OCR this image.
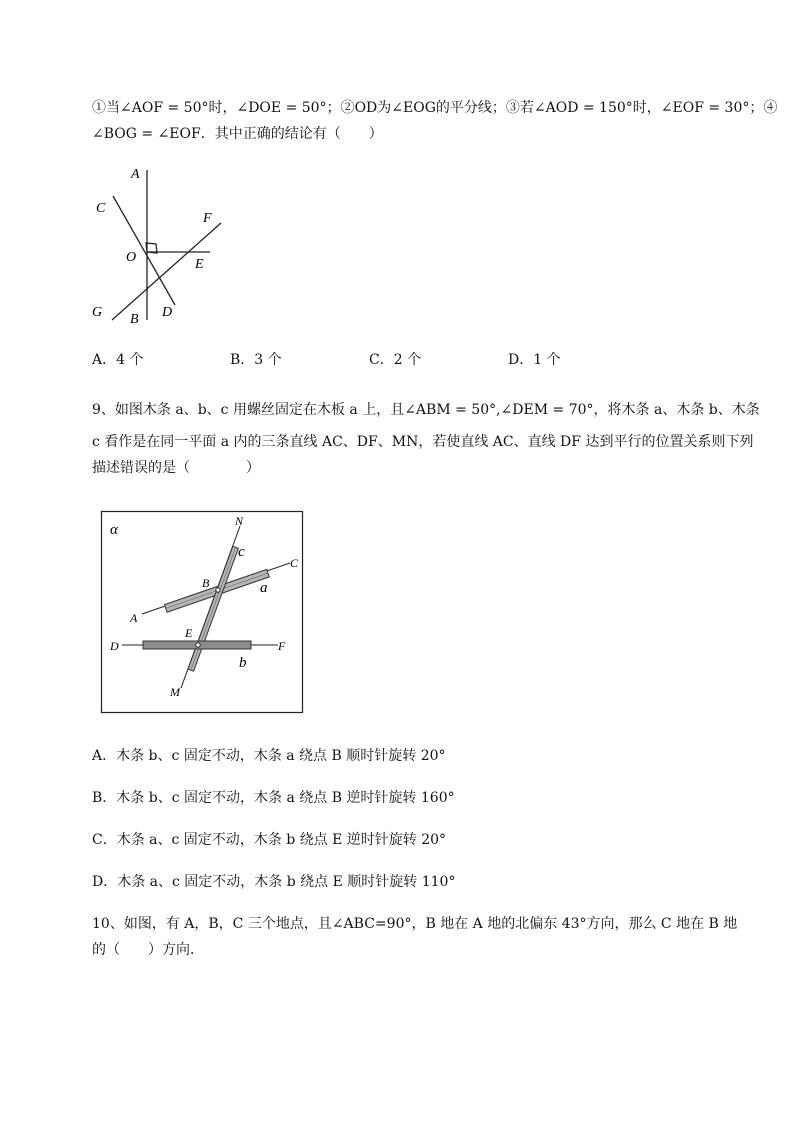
①当∠AOF = 50°时，∠DOE = 50°；②OD为∠EOG的平分线；③若∠AOD = 150°时，∠EOF = 30°；④
∠BOG = ∠EOF．其中正确的结论有（　　）
A
C
F
O	E
G B D
A．4 个	B．3 个	C．2 个	D．1 个
9、如图木条 a、b、c 用螺丝固定在木板 a 上，且∠ABM = 50°,∠DEM = 70°，将木条 a、木条 b、木条
c 看作是在同一平面 a 内的三条直线 AC、DF、MN，若使直线 AC、直线 DF 达到平行的位置关系则下列
描述错误的是（　　　　）
α
N
c
C
B	a
A
E
D	F
b
M
A．木条 b、c 固定不动，木条 a 绕点 B 顺时针旋转 20°
B．木条 b、c 固定不动，木条 a 绕点 B 逆时针旋转 160°
C．木条 a、c 固定不动，木条 b 绕点 E 逆时针旋转 20°
D．木条 a、c 固定不动，木条 b 绕点 E 顺时针旋转 110°
10、如图，有 A，B，C 三个地点，且∠ABC=90°，B 地在 A 地的北偏东 43°方向，那么 C 地在 B 地
的（　　）方向．
